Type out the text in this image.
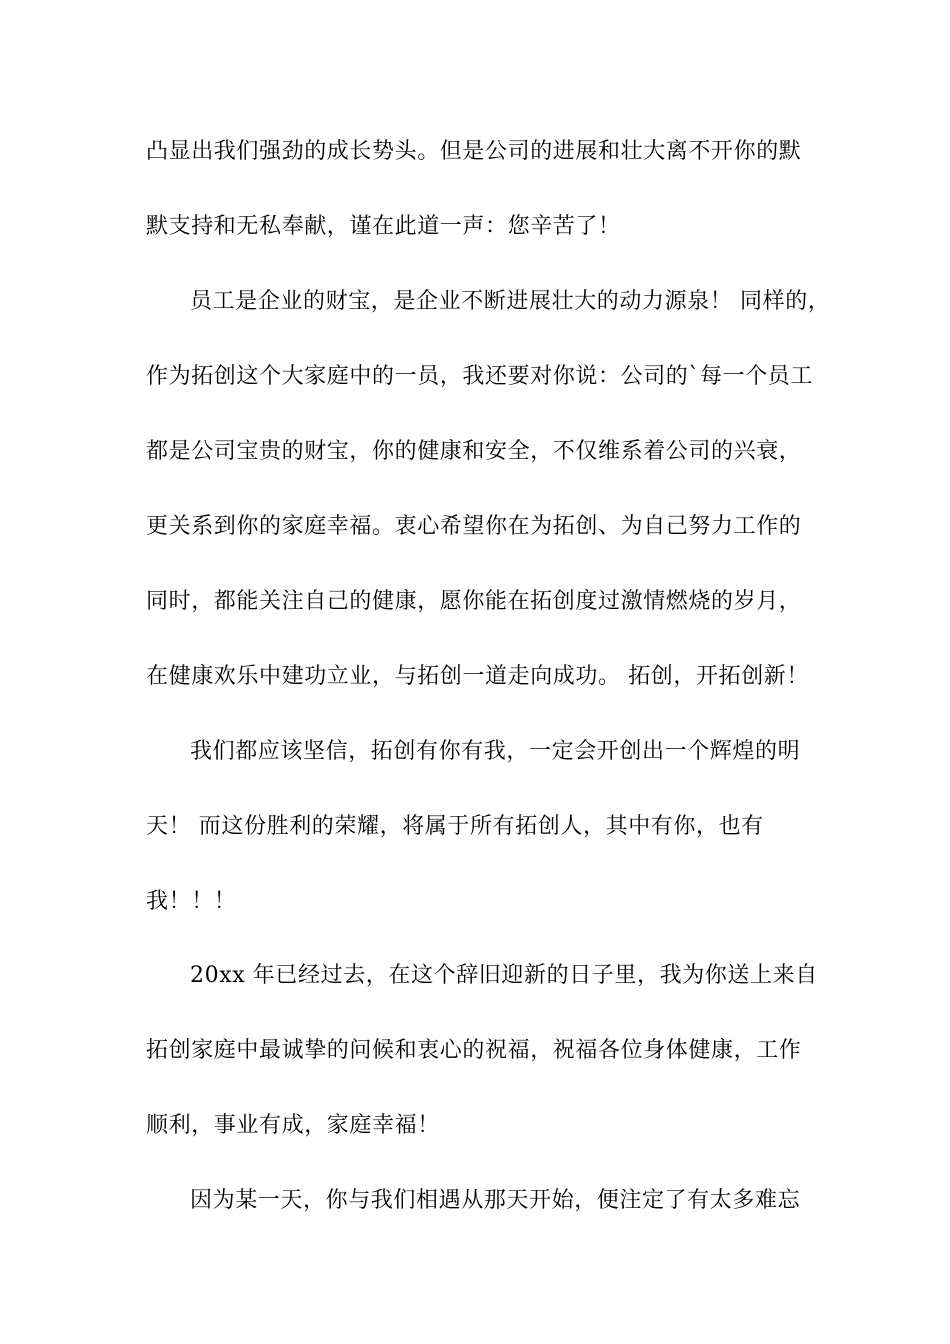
凸显出我们强劲的成长势头。但是公司的进展和壮大离不开你的默
默支持和无私奉献，谨在此道一声：您辛苦了！
员工是企业的财宝，是企业不断进展壮大的动力源泉！ 同样的，
作为拓创这个大家庭中的一员，我还要对你说：公司的`每一个员工
都是公司宝贵的财宝，你的健康和安全，不仅维系着公司的兴衰，
更关系到你的家庭幸福。衷心希望你在为拓创、为自己努力工作的
同时，都能关注自己的健康，愿你能在拓创度过激情燃烧的岁月，
在健康欢乐中建功立业，与拓创一道走向成功。 拓创，开拓创新！
我们都应该坚信，拓创有你有我，一定会开创出一个辉煌的明
天！ 而这份胜利的荣耀，将属于所有拓创人，其中有你，也有
我！！！
20xx 年已经过去，在这个辞旧迎新的日子里，我为你送上来自
拓创家庭中最诚挚的问候和衷心的祝福，祝福各位身体健康，工作
顺利，事业有成，家庭幸福！
因为某一天，你与我们相遇从那天开始，便注定了有太多难忘
